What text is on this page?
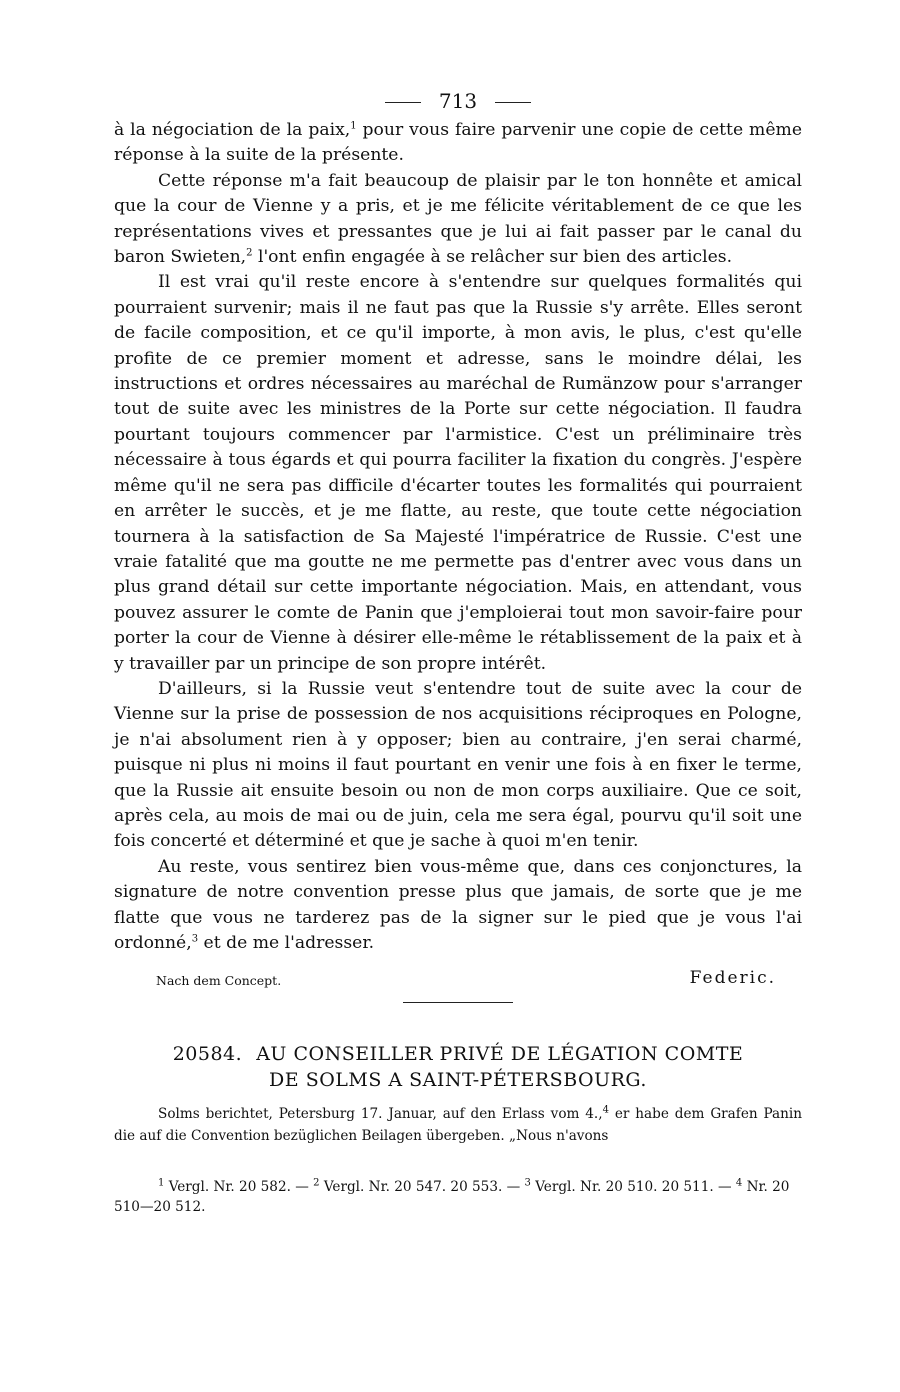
713

à la négociation de la paix,$^1$ pour vous faire parvenir une copie de cette même réponse à la suite de la présente.

Cette réponse m'a fait beaucoup de plaisir par le ton honnête et amical que la cour de Vienne y a pris, et je me félicite véritablement de ce que les représentations vives et pressantes que je lui ai fait passer par le canal du baron Swieten,$^2$ l'ont enfin engagée à se relâcher sur bien des articles.

Il est vrai qu'il reste encore à s'entendre sur quelques formalités qui pourraient survenir; mais il ne faut pas que la Russie s'y arrête. Elles seront de facile composition, et ce qu'il importe, à mon avis, le plus, c'est qu'elle profite de ce premier moment et adresse, sans le moindre délai, les instructions et ordres nécessaires au maréchal de Rumänzow pour s'arranger tout de suite avec les ministres de la Porte sur cette négociation. Il faudra pourtant toujours commencer par l'armistice. C'est un préliminaire très nécessaire à tous égards et qui pourra faciliter la fixation du congrès. J'espère même qu'il ne sera pas difficile d'écarter toutes les formalités qui pourraient en arrêter le succès, et je me flatte, au reste, que toute cette négociation tournera à la satisfaction de Sa Majesté l'impératrice de Russie. C'est une vraie fatalité que ma goutte ne me permette pas d'entrer avec vous dans un plus grand détail sur cette importante négociation. Mais, en attendant, vous pouvez assurer le comte de Panin que j'emploierai tout mon savoir-faire pour porter la cour de Vienne à désirer elle-même le rétablissement de la paix et à y travailler par un principe de son propre intérêt.

D'ailleurs, si la Russie veut s'entendre tout de suite avec la cour de Vienne sur la prise de possession de nos acquisitions réciproques en Pologne, je n'ai absolument rien à y opposer; bien au contraire, j'en serai charmé, puisque ni plus ni moins il faut pourtant en venir une fois à en fixer le terme, que la Russie ait ensuite besoin ou non de mon corps auxiliaire. Que ce soit, après cela, au mois de mai ou de juin, cela me sera égal, pourvu qu'il soit une fois concerté et déterminé et que je sache à quoi m'en tenir.

Au reste, vous sentirez bien vous-même que, dans ces conjonctures, la signature de notre convention presse plus que jamais, de sorte que je me flatte que vous ne tarderez pas de la signer sur le pied que je vous l'ai ordonné,$^3$ et de me l'adresser.

Nach dem Concept.	Federic.
20584. AU CONSEILLER PRIVÉ DE LÉGATION COMTE
DE SOLMS A SAINT-PÉTERSBOURG.
Solms berichtet, Petersburg 17. Januar, auf den Erlass vom 4.,$^4$ er habe dem Grafen Panin die auf die Convention bezüglichen Beilagen übergeben. „Nous n'avons
$^1$ Vergl. Nr. 20 582. — $^2$ Vergl. Nr. 20 547. 20 553. — $^3$ Vergl. Nr. 20 510. 20 511. — $^4$ Nr. 20 510—20 512.
